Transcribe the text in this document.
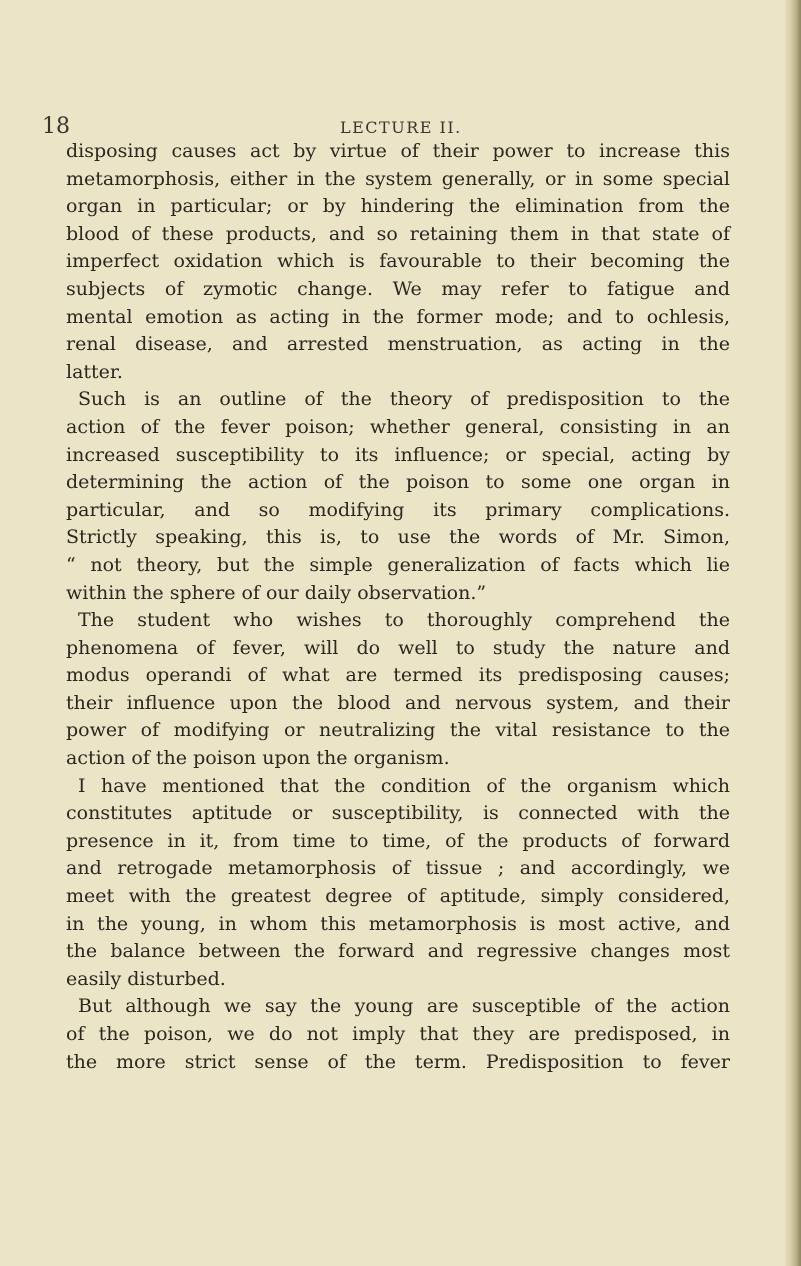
18	LECTURE II.
disposing causes act by virtue of their power to increase this
metamorphosis, either in the system generally, or in some special
organ in particular; or by hindering the elimination from the
blood of these products, and so retaining them in that state of
imperfect oxidation which is favourable to their becoming the
subjects of zymotic change. We may refer to fatigue and
mental emotion as acting in the former mode; and to ochlesis,
renal disease, and arrested menstruation, as acting in the
latter.
Such is an outline of the theory of predisposition to the
action of the fever poison; whether general, consisting in an
increased susceptibility to its influence; or special, acting by
determining the action of the poison to some one organ in
particular, and so modifying its primary complications.
Strictly speaking, this is, to use the words of Mr. Simon,
“ not theory, but the simple generalization of facts which lie
within the sphere of our daily observation.”
The student who wishes to thoroughly comprehend the
phenomena of fever, will do well to study the nature and
modus operandi of what are termed its predisposing causes;
their influence upon the blood and nervous system, and their
power of modifying or neutralizing the vital resistance to the
action of the poison upon the organism.
I have mentioned that the condition of the organism which
constitutes aptitude or susceptibility, is connected with the
presence in it, from time to time, of the products of forward
and retrogade metamorphosis of tissue ; and accordingly, we
meet with the greatest degree of aptitude, simply considered,
in the young, in whom this metamorphosis is most active, and
the balance between the forward and regressive changes most
easily disturbed.
But although we say the young are susceptible of the action
of the poison, we do not imply that they are predisposed, in
the more strict sense of the term. Predisposition to fever
